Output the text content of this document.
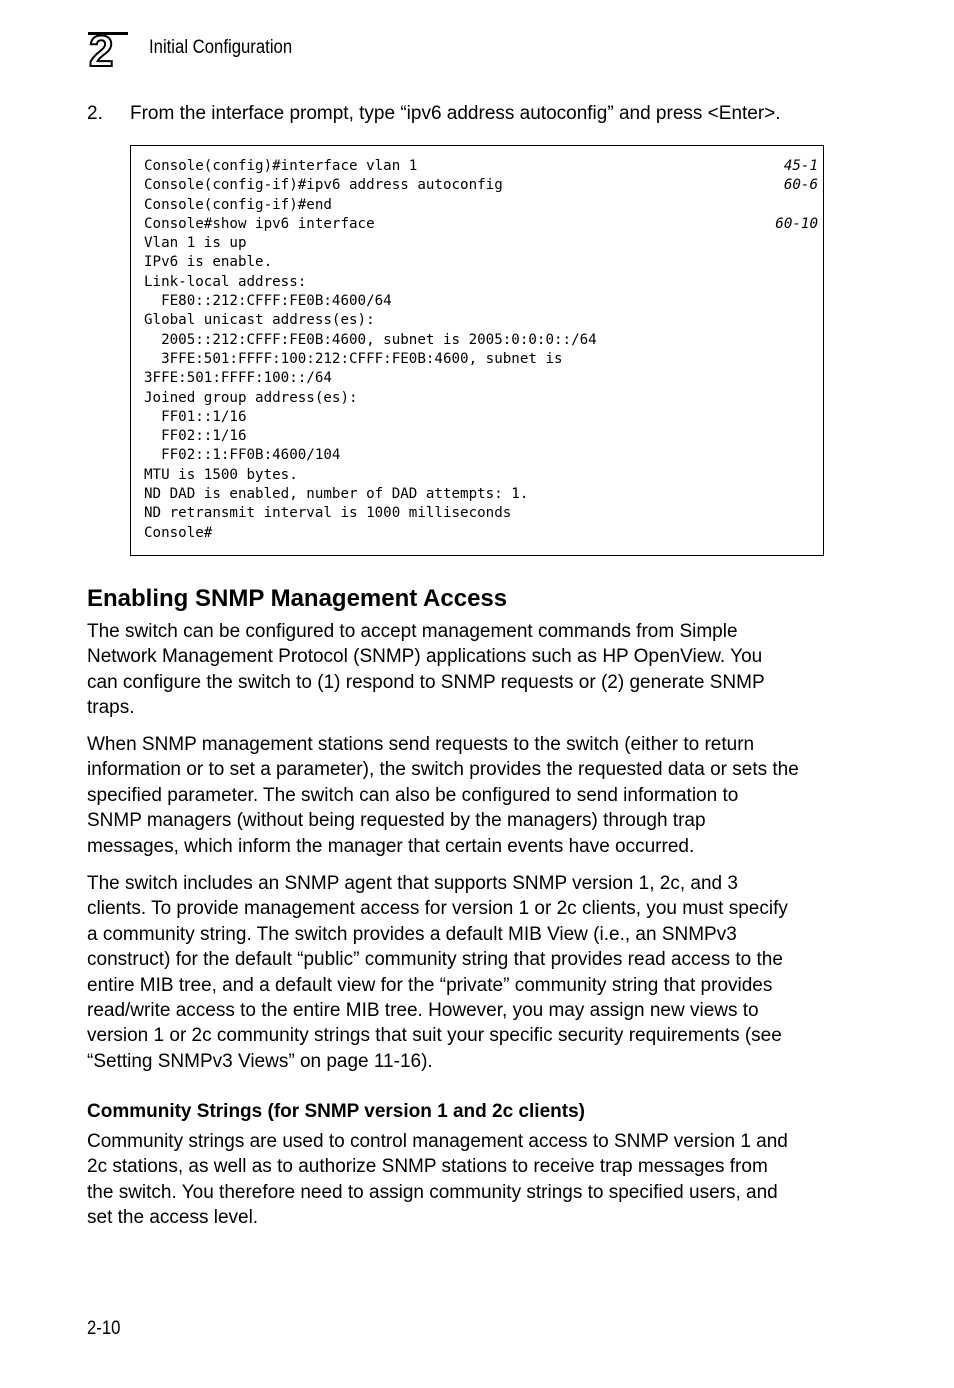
2 Initial Configuration
2. From the interface prompt, type “ipv6 address autoconfig” and press <Enter>.
Console(config)#interface vlan 1	45-1
Console(config-if)#ipv6 address autoconfig	60-6
Console(config-if)#end
Console#show ipv6 interface	60-10
Vlan 1 is up
IPv6 is enable.
Link-local address:
FE80::212:CFFF:FE0B:4600/64
Global unicast address(es):
2005::212:CFFF:FE0B:4600, subnet is 2005:0:0:0::/64
3FFE:501:FFFF:100:212:CFFF:FE0B:4600, subnet is
3FFE:501:FFFF:100::/64
Joined group address(es):
FF01::1/16
FF02::1/16
FF02::1:FF0B:4600/104
MTU is 1500 bytes.
ND DAD is enabled, number of DAD attempts: 1.
ND retransmit interval is 1000 milliseconds
Console#
Enabling SNMP Management Access
The switch can be configured to accept management commands from Simple
Network Management Protocol (SNMP) applications such as HP OpenView. You
can configure the switch to (1) respond to SNMP requests or (2) generate SNMP
traps.
When SNMP management stations send requests to the switch (either to return
information or to set a parameter), the switch provides the requested data or sets the
specified parameter. The switch can also be configured to send information to
SNMP managers (without being requested by the managers) through trap
messages, which inform the manager that certain events have occurred.
The switch includes an SNMP agent that supports SNMP version 1, 2c, and 3
clients. To provide management access for version 1 or 2c clients, you must specify
a community string. The switch provides a default MIB View (i.e., an SNMPv3
construct) for the default “public” community string that provides read access to the
entire MIB tree, and a default view for the “private” community string that provides
read/write access to the entire MIB tree. However, you may assign new views to
version 1 or 2c community strings that suit your specific security requirements (see
“Setting SNMPv3 Views” on page 11-16).
Community Strings (for SNMP version 1 and 2c clients)
Community strings are used to control management access to SNMP version 1 and
2c stations, as well as to authorize SNMP stations to receive trap messages from
the switch. You therefore need to assign community strings to specified users, and
set the access level.
2-10
